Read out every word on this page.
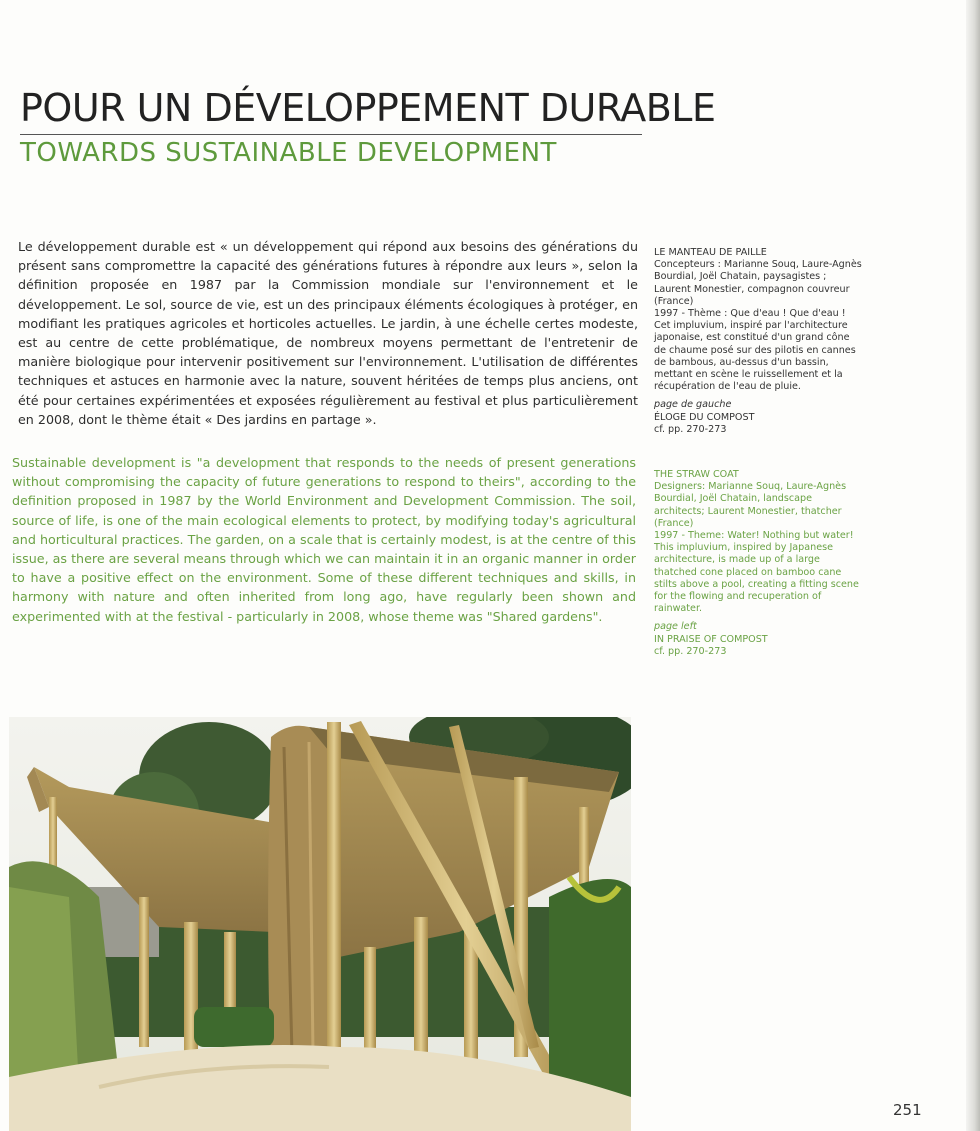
POUR UN DÉVELOPPEMENT DURABLE
TOWARDS SUSTAINABLE DEVELOPMENT

Le développement durable est « un développement qui répond aux besoins des générations du présent sans compromettre la capacité des générations futures à répondre aux leurs », selon la définition proposée en 1987 par la Commission mondiale sur l'environnement et le développement. Le sol, source de vie, est un des principaux éléments écologiques à protéger, en modifiant les pratiques agricoles et horticoles actuelles. Le jardin, à une échelle certes modeste, est au centre de cette problématique, de nombreux moyens permettant de l'entretenir de manière biologique pour intervenir positivement sur l'environnement. L'utilisation de différentes techniques et astuces en harmonie avec la nature, souvent héritées de temps plus anciens, ont été pour certaines expérimentées et exposées régulièrement au festival et plus particulièrement en 2008, dont le thème était « Des jardins en partage ».

Sustainable development is "a development that responds to the needs of present generations without compromising the capacity of future generations to respond to theirs", according to the definition proposed in 1987 by the World Environment and Development Commission. The soil, source of life, is one of the main ecological elements to protect, by modifying today's agricultural and horticultural practices. The garden, on a scale that is certainly modest, is at the centre of this issue, as there are several means through which we can maintain it in an organic manner in order to have a positive effect on the environment. Some of these different techniques and skills, in harmony with nature and often inherited from long ago, have regularly been shown and experimented with at the festival - particularly in 2008, whose theme was "Shared gardens".

LE MANTEAU DE PAILLE

Concepteurs : Marianne Souq, Laure-Agnès Bourdial, Joël Chatain, paysagistes ; Laurent Monestier, compagnon couvreur (France)

1997 - Thème : Que d'eau ! Que d'eau !

Cet impluvium, inspiré par l'architecture japonaise, est constitué d'un grand cône de chaume posé sur des pilotis en cannes de bambous, au-dessus d'un bassin, mettant en scène le ruissellement et la récupération de l'eau de pluie.

page de gauche

ÉLOGE DU COMPOST

cf. pp. 270-273

THE STRAW COAT

Designers: Marianne Souq, Laure-Agnès Bourdial, Joël Chatain, landscape architects; Laurent Monestier, thatcher (France)

1997 - Theme: Water! Nothing but water!

This impluvium, inspired by Japanese architecture, is made up of a large thatched cone placed on bamboo cane stilts above a pool, creating a fitting scene for the flowing and recuperation of rainwater.

page left

IN PRAISE OF COMPOST

cf. pp. 270-273

251
